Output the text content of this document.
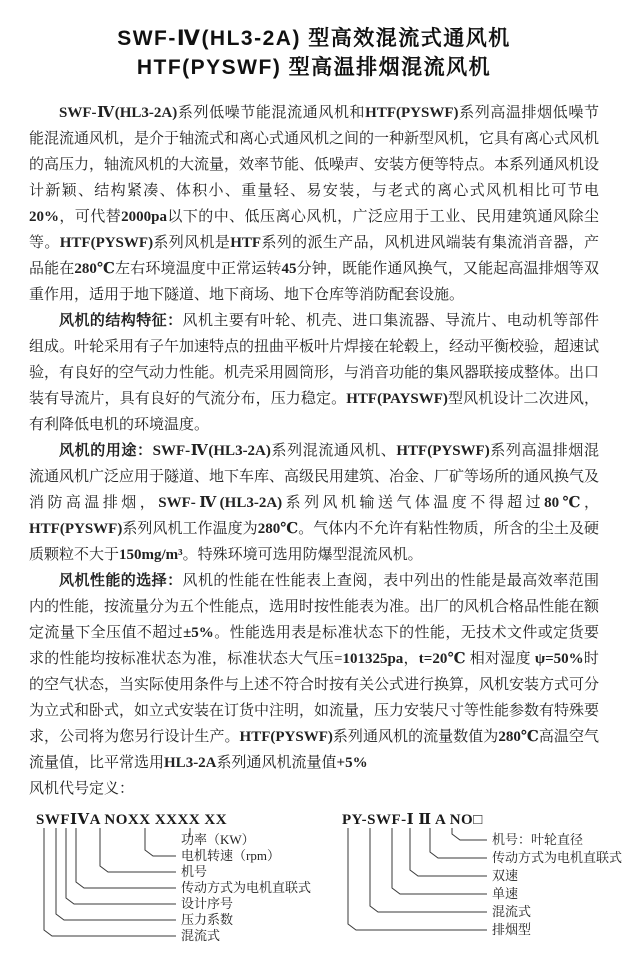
SWF-Ⅳ(HL3-2A) 型高效混流式通风机
HTF(PYSWF) 型高温排烟混流风机

SWF-Ⅳ(HL3-2A)系列低噪节能混流通风机和HTF(PYSWF)系列高温排烟低噪节能混流通风机，是介于轴流式和离心式通风机之间的一种新型风机，它具有离心式风机的高压力，轴流风机的大流量，效率节能、低噪声、安装方便等特点。本系列通风机设计新颖、结构紧凑、体积小、重量轻、易安装，与老式的离心式风机相比可节电20%，可代替2000pa以下的中、低压离心风机，广泛应用于工业、民用建筑通风除尘等。HTF(PYSWF)系列风机是HTF系列的派生产品，风机进风端装有集流消音器，产品能在280℃左右环境温度中正常运转45分钟，既能作通风换气，又能起高温排烟等双重作用，适用于地下隧道、地下商场、地下仓库等消防配套设施。

风机的结构特征：风机主要有叶轮、机壳、进口集流器、导流片、电动机等部件组成。叶轮采用有子午加速特点的扭曲平板叶片焊接在轮毂上，经动平衡校验，超速试验，有良好的空气动力性能。机壳采用圆筒形，与消音功能的集风器联接成整体。出口装有导流片，具有良好的气流分布，压力稳定。HTF(PAYSWF)型风机设计二次进风，有利降低电机的环境温度。

风机的用途：SWF-Ⅳ(HL3-2A)系列混流通风机、HTF(PYSWF)系列高温排烟混流通风机广泛应用于隧道、地下车库、高级民用建筑、冶金、厂矿等场所的通风换气及消防高温排烟，SWF-Ⅳ(HL3-2A)系列风机输送气体温度不得超过80℃，HTF(PYSWF)系列风机工作温度为280℃。气体内不允许有粘性物质，所含的尘土及硬质颗粒不大于150mg/m³。特殊环境可选用防爆型混流风机。

风机性能的选择：风机的性能在性能表上查阅，表中列出的性能是最高效率范围内的性能，按流量分为五个性能点，选用时按性能表为准。出厂的风机合格品性能在额定流量下全压值不超过±5%。性能选用表是标准状态下的性能，无技术文件或定货要求的性能均按标准状态为准，标准状态大气压=101325pa，t=20℃ 相对湿度 ψ=50%时的空气状态，当实际使用条件与上述不符合时按有关公式进行换算，风机安装方式可分为立式和卧式，如立式安装在订货中注明，如流量，压力安装尺寸等性能参数有特殊要求，公司将为您另行设计生产。HTF(PYSWF)系列通风机的流量数值为280℃高温空气流量值，比平常选用HL3-2A系列通风机流量值+5%

风机代号定义：

SWFⅠⅤA NOXX XXXX XX	PY-SWF-Ⅰ Ⅱ A NO□
功率（KW）
电机转速（rpm）
机号
传动方式为电机直联式
设计序号
压力系数
混流式
机号：叶轮直径
传动方式为电机直联式
双速
单速
混流式
排烟型
